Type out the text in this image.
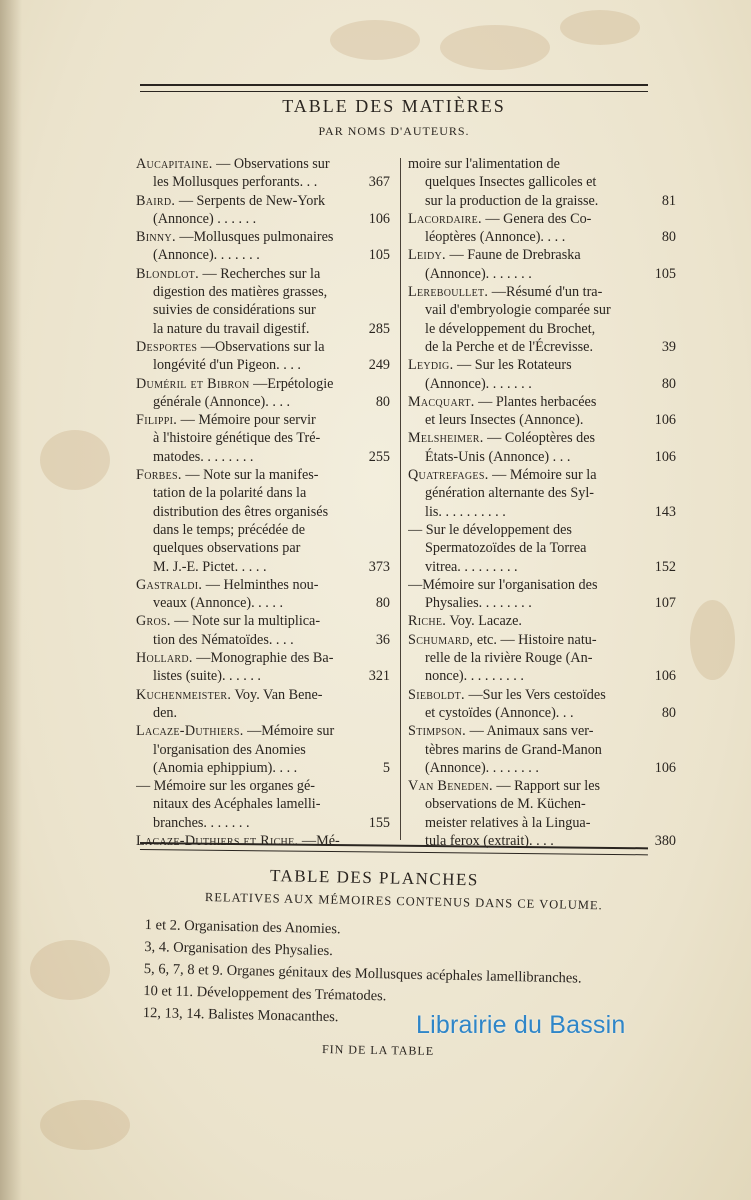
TABLE DES MATIÈRES
PAR NOMS D'AUTEURS.
Aucapitaine. — Observations sur
les Mollusques perforants. . .	367
Baird. — Serpents de New-York
(Annonce) . . . . . .	106
Binny. —Mollusques pulmonaires
(Annonce). . . . . . .	105
Blondlot. — Recherches sur la
digestion des matières grasses,
suivies de considérations sur
la nature du travail digestif.	285
Desportes —Observations sur la
longévité d'un Pigeon. . . .	249
Duméril et Bibron —Erpétologie
générale (Annonce). . . .	80
Filippi. — Mémoire pour servir
à l'histoire génétique des Tré-
matodes. . . . . . . .	255
Forbes. — Note sur la manifes-
tation de la polarité dans la
distribution des êtres organisés
dans le temps; précédée de
quelques observations par
M. J.-E. Pictet. . . . .	373
Gastraldi. — Helminthes nou-
veaux (Annonce). . . . .	80
Gros. — Note sur la multiplica-
tion des Nématoïdes. . . .	36
Hollard. —Monographie des Ba-
listes (suite). . . . . .	321
Kuchenmeister. Voy. Van Bene-
den.
Lacaze-Duthiers. —Mémoire sur
l'organisation des Anomies
(Anomia ephippium). . . .	5
— Mémoire sur les organes gé-
nitaux des Acéphales lamelli-
branches. . . . . . .	155
Lacaze-Duthiers et Riche. —Mé-
moire sur l'alimentation de
quelques Insectes gallicoles et
sur la production de la graisse.	81
Lacordaire. — Genera des Co-
léoptères (Annonce). . . .	80
Leidy. — Faune de Drebraska
(Annonce). . . . . . .	105
Lereboullet. —Résumé d'un tra-
vail d'embryologie comparée sur
le développement du Brochet,
de la Perche et de l'Écrevisse.	39
Leydig. — Sur les Rotateurs
(Annonce). . . . . . .	80
Macquart. — Plantes herbacées
et leurs Insectes (Annonce).	106
Melsheimer. — Coléoptères des
États-Unis (Annonce) . . .	106
Quatrefages. — Mémoire sur la
génération alternante des Syl-
lis. . . . . . . . . .	143
— Sur le développement des
Spermatozoïdes de la Torrea
vitrea. . . . . . . . .	152
—Mémoire sur l'organisation des
Physalies. . . . . . . .	107
Riche. Voy. Lacaze.
Schumard, etc. — Histoire natu-
relle de la rivière Rouge (An-
nonce). . . . . . . . .	106
Sieboldt. —Sur les Vers cestoïdes
et cystoïdes (Annonce). . .	80
Stimpson. — Animaux sans ver-
tèbres marins de Grand-Manon
(Annonce). . . . . . . .	106
Van Beneden. — Rapport sur les
observations de M. Küchen-
meister relatives à la Lingua-
tula ferox (extrait). . . .	380
TABLE DES PLANCHES
RELATIVES AUX MÉMOIRES CONTENUS DANS CE VOLUME.
1 et 2. Organisation des Anomies.
3, 4. Organisation des Physalies.
5, 6, 7, 8 et 9. Organes génitaux des Mollusques acéphales lamellibranches.
10 et 11. Développement des Trématodes.
12, 13, 14. Balistes Monacanthes.
FIN DE LA TABLE
Librairie du Bassin
